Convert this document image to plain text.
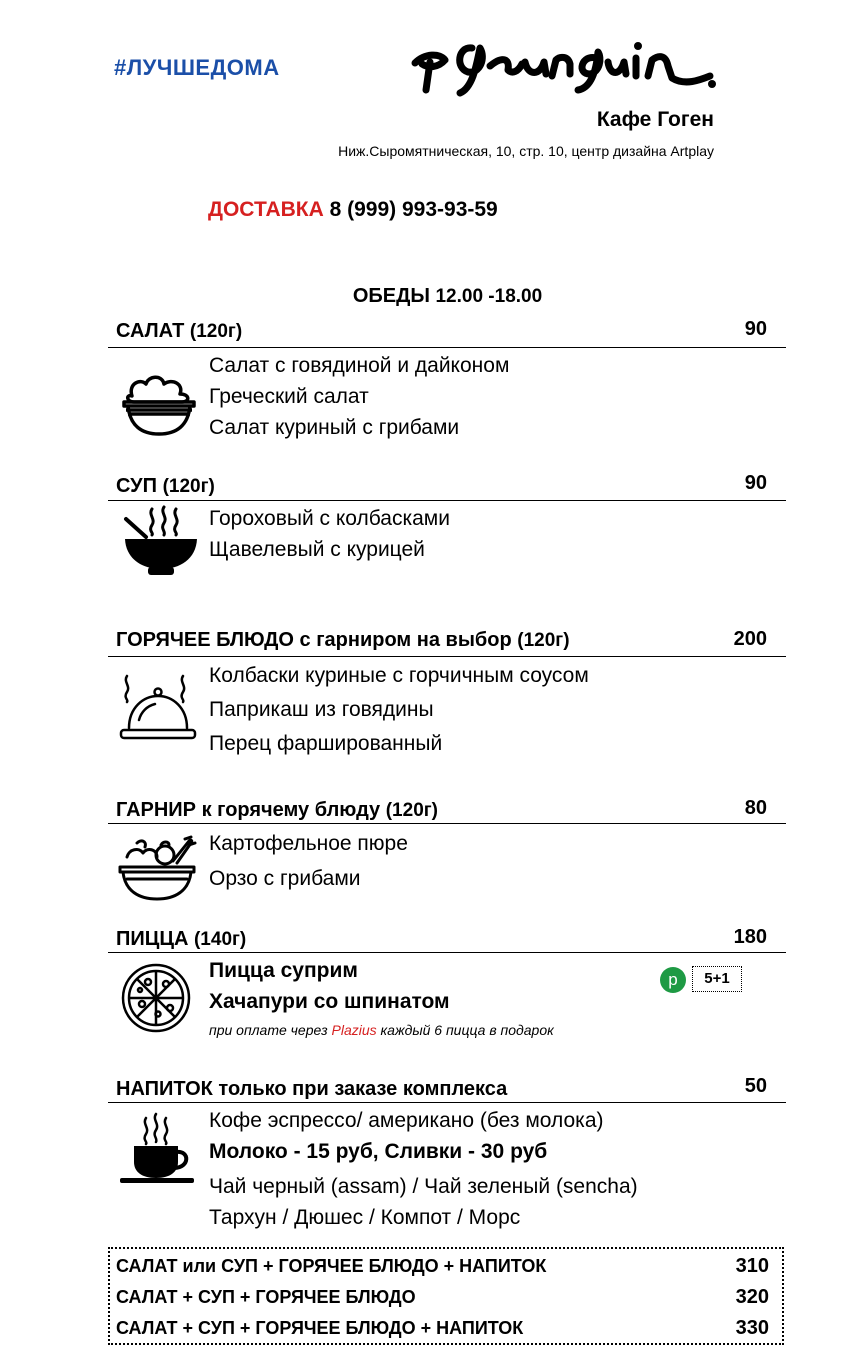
#ЛУЧШЕДОМА
Кафе Гоген
Ниж.Сыромятническая, 10, стр. 10, центр дизайна Artplay
ДОСТАВКА 8 (999) 993-93-59
ОБЕДЫ 12.00 -18.00
САЛАТ (120г)	90
Салат с говядиной и дайконом
Греческий салат
Салат куриный с грибами
СУП (120г)	90
Гороховый с колбасками
Щавелевый с курицей
ГОРЯЧЕЕ БЛЮДО с гарниром на выбор (120г)	200
Колбаски куриные с горчичным соусом
Паприкаш из говядины
Перец фаршированный
ГАРНИР к горячему блюду (120г)	80
Картофельное пюре
Орзо с грибами
ПИЦЦА (140г)	180
Пицца суприм
Хачапури со шпинатом
при оплате через Plazius каждый 6 пицца в подарок
p	5+1
НАПИТОК только при заказе комплекса	50
Кофе эспрессо/ американо (без молока)
Молоко - 15 руб, Сливки - 30 руб
Чай черный (assam) / Чай зеленый (sencha)
Тархун / Дюшес / Компот / Морс
САЛАТ или СУП + ГОРЯЧЕЕ БЛЮДО + НАПИТОК	310
САЛАТ + СУП + ГОРЯЧЕЕ БЛЮДО	320
САЛАТ + СУП + ГОРЯЧЕЕ БЛЮДО + НАПИТОК	330
